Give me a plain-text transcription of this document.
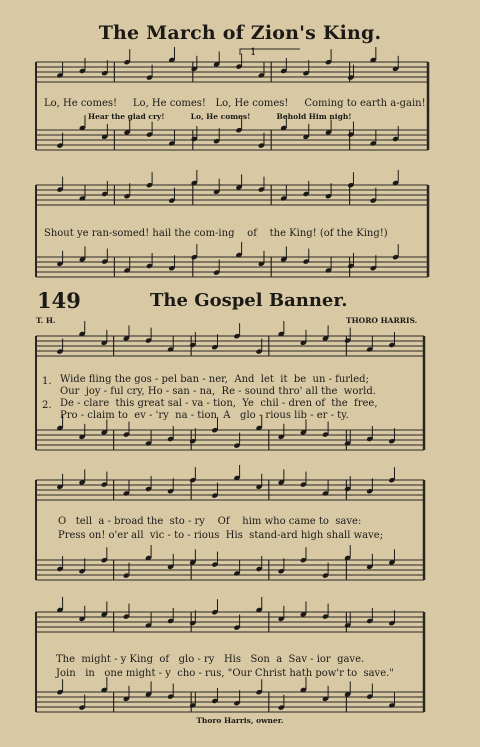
The March of Zion's King.
1
Lo, He comes!     Lo, He comes!   Lo, He comes!     Coming to earth a-gain!
Hear the glad cry!          Lo, He comes!          Behold Him nigh!
Shout ye ran-somed! hail the com-ing    of    the King! (of the King!)
149	The Gospel Banner.
T. H.	THORO HARRIS.
1.
2.
Wide fling the gos - pel ban - ner,  And  let  it  be  un - furled;
Our  joy - ful cry, Ho - san - na,  Re - sound thro' all the  world.
De - clare  this great sal - va - tion,  Ye  chil - dren of  the  free,
Pro - claim to  ev - 'ry  na - tion  A   glo - rious lib - er - ty.
O   tell  a - broad the  sto - ry    Of    him who came to  save:
Press on! o'er all  vic - to - rious  His  stand-ard high shall wave;
The  might - y King  of   glo - ry   His   Son  a  Sav - ior  gave.
Join   in   one might - y  cho - rus, "Our Christ hath pow'r to  save."
Thoro Harris, owner.
